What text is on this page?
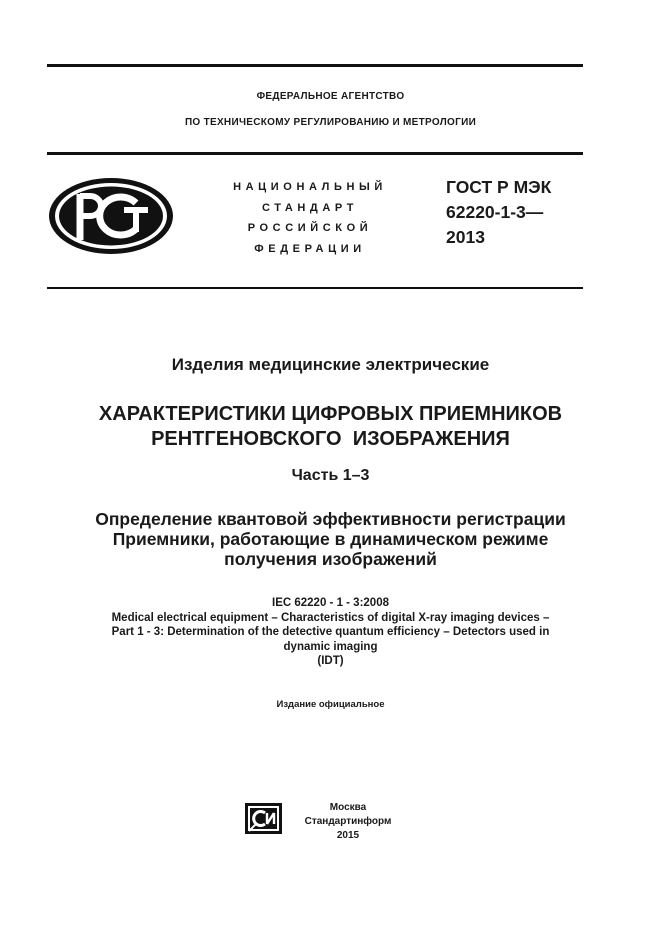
ФЕДЕРАЛЬНОЕ АГЕНТСТВО
ПО ТЕХНИЧЕСКОМУ РЕГУЛИРОВАНИЮ И МЕТРОЛОГИИ
НАЦИОНАЛЬНЫЙ
СТАНДАРТ
РОССИЙСКОЙ
ФЕДЕРАЦИИ
ГОСТ Р МЭК
62220-1-3—
2013
Изделия медицинские электрические
ХАРАКТЕРИСТИКИ ЦИФРОВЫХ ПРИЕМНИКОВ
РЕНТГЕНОВСКОГО  ИЗОБРАЖЕНИЯ
Часть 1–3
Определение квантовой эффективности регистрации
Приемники, работающие в динамическом режиме
получения изображений
IEC 62220 - 1 - 3:2008
Medical electrical equipment – Characteristics of digital X-ray imaging devices –
Part 1 - 3: Determination of the detective quantum efficiency – Detectors used in
dynamic imaging
(IDT)
Издание официальное
Москва
Стандартинформ
2015
